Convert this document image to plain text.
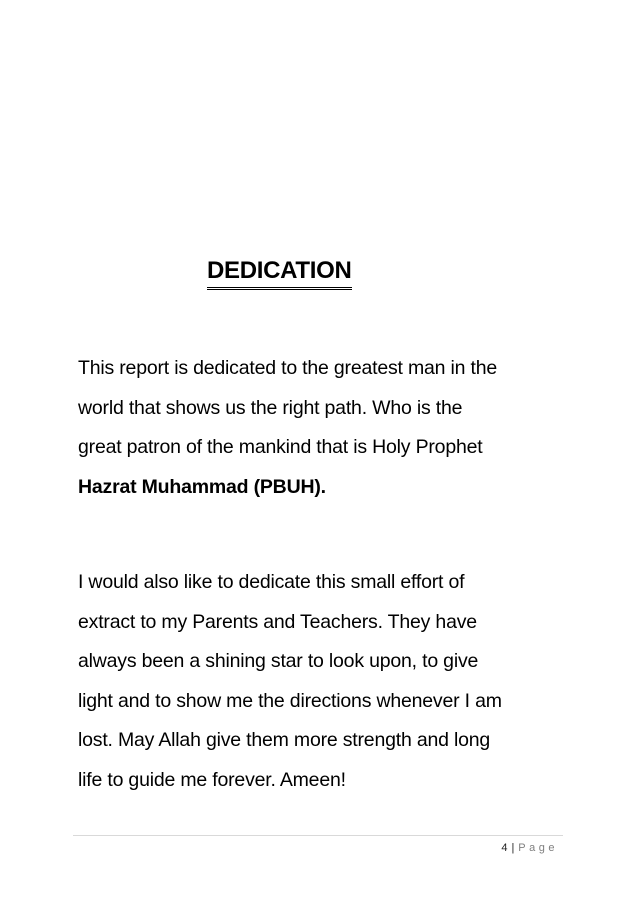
DEDICATION
This report is dedicated to the greatest man in the
world that shows us the right path. Who is the
great patron of the mankind that is Holy Prophet
Hazrat Muhammad (PBUH).
I would also like to dedicate this small effort of
extract to my Parents and Teachers. They have
always been a shining star to look upon, to give
light and to show me the directions whenever I am
lost. May Allah give them more strength and long
life to guide me forever. Ameen!
4 | Page
